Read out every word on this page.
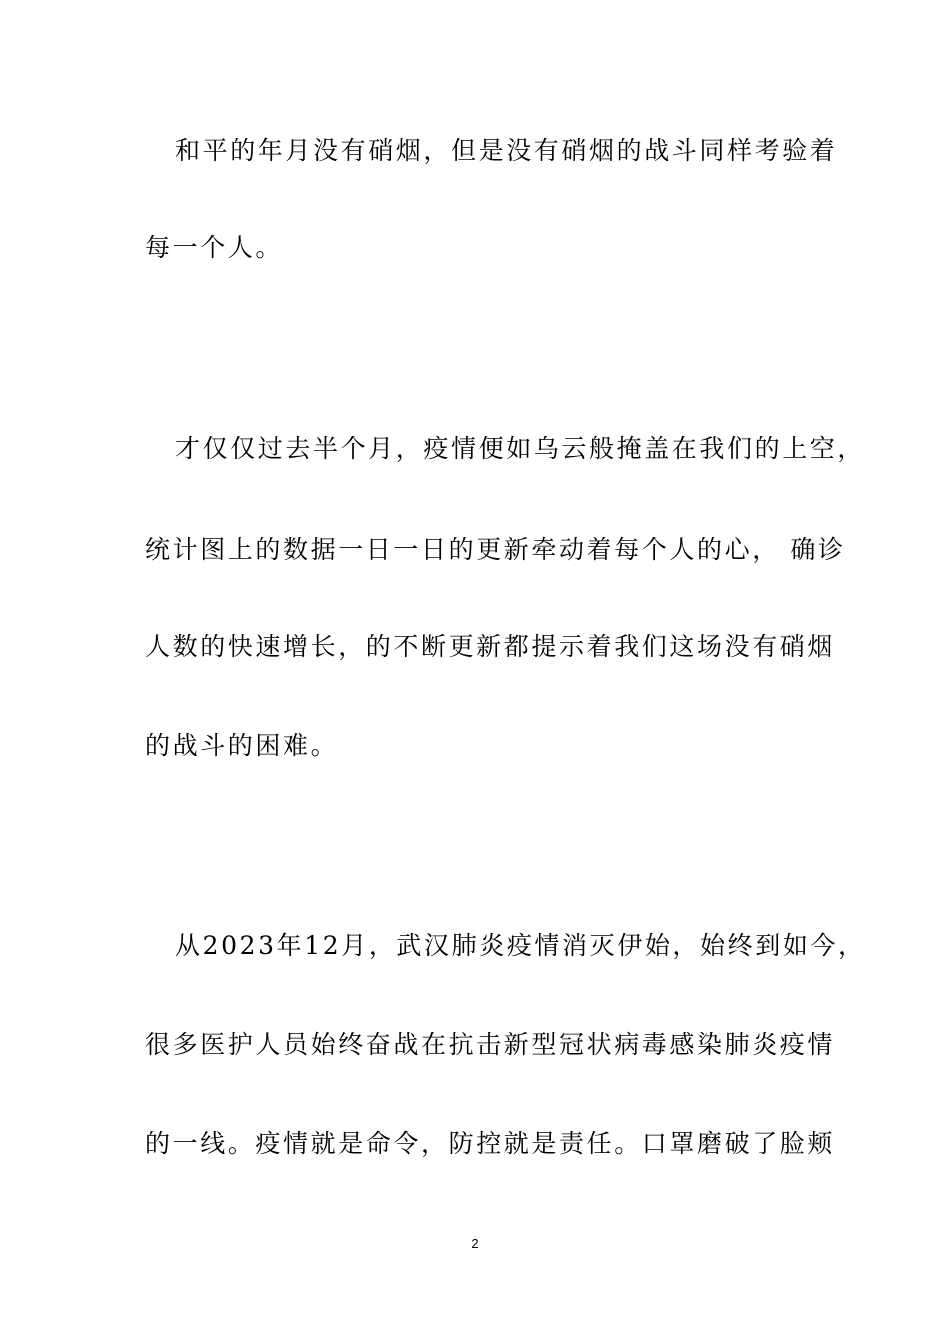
和平的年月没有硝烟，但是没有硝烟的战斗同样考验着
每一个人。
才仅仅过去半个月，疫情便如乌云般掩盖在我们的上空，
统计图上的数据一日一日的更新牵动着每个人的心， 确诊
人数的快速增长，的不断更新都提示着我们这场没有硝烟
的战斗的困难。
从2023年12月，武汉肺炎疫情消灭伊始，始终到如今，
很多医护人员始终奋战在抗击新型冠状病毒感染肺炎疫情
的一线。疫情就是命令，防控就是责任。口罩磨破了脸颊
2
